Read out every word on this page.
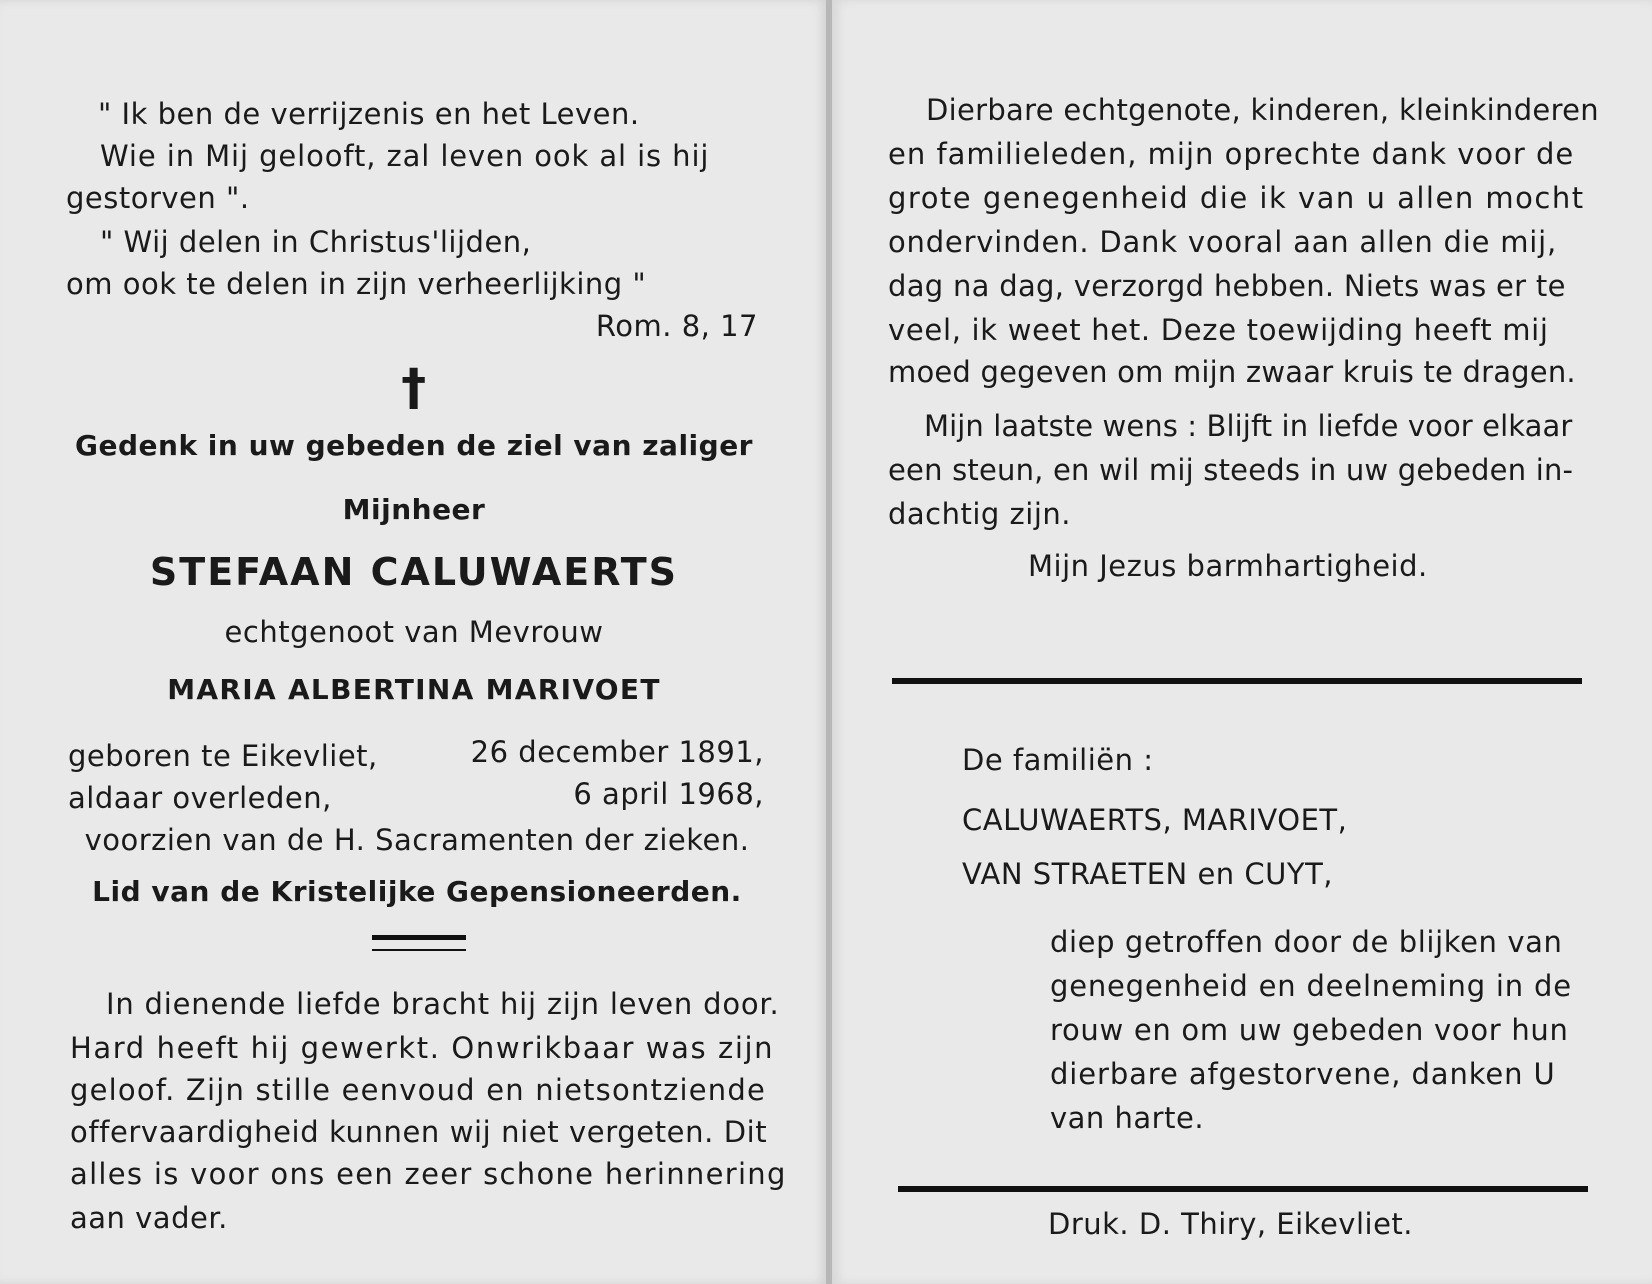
" Ik ben de verrijzenis en het Leven.

Wie in Mij gelooft, zal leven ook al is hij

gestorven ".

" Wij delen in Christus'lijden,

om ook te delen in zijn verheerlijking "

Rom. 8, 17

†

Gedenk in uw gebeden de ziel van zaliger

Mijnheer

STEFAAN CALUWAERTS

echtgenoot van Mevrouw

MARIA ALBERTINA MARIVOET

geboren te Eikevliet,	26 december 1891,

aldaar overleden,	6 april 1968,

voorzien van de H. Sacramenten der zieken.

Lid van de Kristelijke Gepensioneerden.

In dienende liefde bracht hij zijn leven door.

Hard heeft hij gewerkt. Onwrikbaar was zijn

geloof. Zijn stille eenvoud en nietsontziende

offervaardigheid kunnen wij niet vergeten. Dit

alles is voor ons een zeer schone herinnering

aan vader.

Dierbare echtgenote, kinderen, kleinkinderen

en familieleden, mijn oprechte dank voor de

grote genegenheid die ik van u allen mocht

ondervinden. Dank vooral aan allen die mij,

dag na dag, verzorgd hebben. Niets was er te

veel, ik weet het. Deze toewijding heeft mij

moed gegeven om mijn zwaar kruis te dragen.

Mijn laatste wens : Blijft in liefde voor elkaar

een steun, en wil mij steeds in uw gebeden in-

dachtig zijn.

Mijn Jezus barmhartigheid.

De familiën :

CALUWAERTS, MARIVOET,

VAN STRAETEN en CUYT,

diep getroffen door de blijken van

genegenheid en deelneming in de

rouw en om uw gebeden voor hun

dierbare afgestorvene, danken U

van harte.

Druk. D. Thiry, Eikevliet.
